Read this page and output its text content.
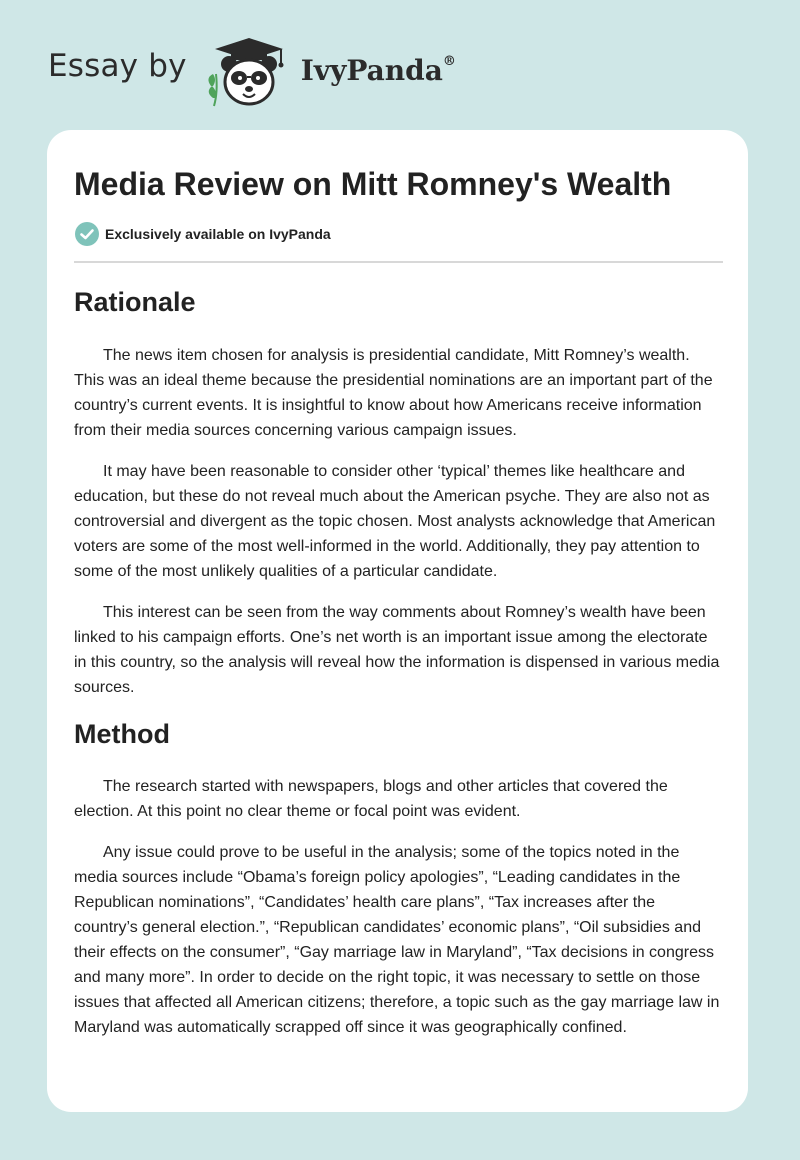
Essay by	IvyPanda®
Media Review on Mitt Romney's Wealth
Exclusively available on IvyPanda
Rationale

The news item chosen for analysis is presidential candidate, Mitt Romney’s wealth. This was an ideal theme because the presidential nominations are an important part of the country’s current events. It is insightful to know about how Americans receive information from their media sources concerning various campaign issues.

It may have been reasonable to consider other ‘typical’ themes like healthcare and education, but these do not reveal much about the American psyche. They are also not as controversial and divergent as the topic chosen. Most analysts acknowledge that American voters are some of the most well-informed in the world. Additionally, they pay attention to some of the most unlikely qualities of a particular candidate.

This interest can be seen from the way comments about Romney’s wealth have been linked to his campaign efforts. One’s net worth is an important issue among the electorate in this country, so the analysis will reveal how the information is dispensed in various media sources.

Method

The research started with newspapers, blogs and other articles that covered the election. At this point no clear theme or focal point was evident.

Any issue could prove to be useful in the analysis; some of the topics noted in the media sources include “Obama’s foreign policy apologies”, “Leading candidates in the Republican nominations”, “Candidates’ health care plans”, “Tax increases after the country’s general election.”, “Republican candidates’ economic plans”, “Oil subsidies and their effects on the consumer”, “Gay marriage law in Maryland”, “Tax decisions in congress and many more”. In order to decide on the right topic, it was necessary to settle on those issues that affected all American citizens; therefore, a topic such as the gay marriage law in Maryland was automatically scrapped off since it was geographically confined.
